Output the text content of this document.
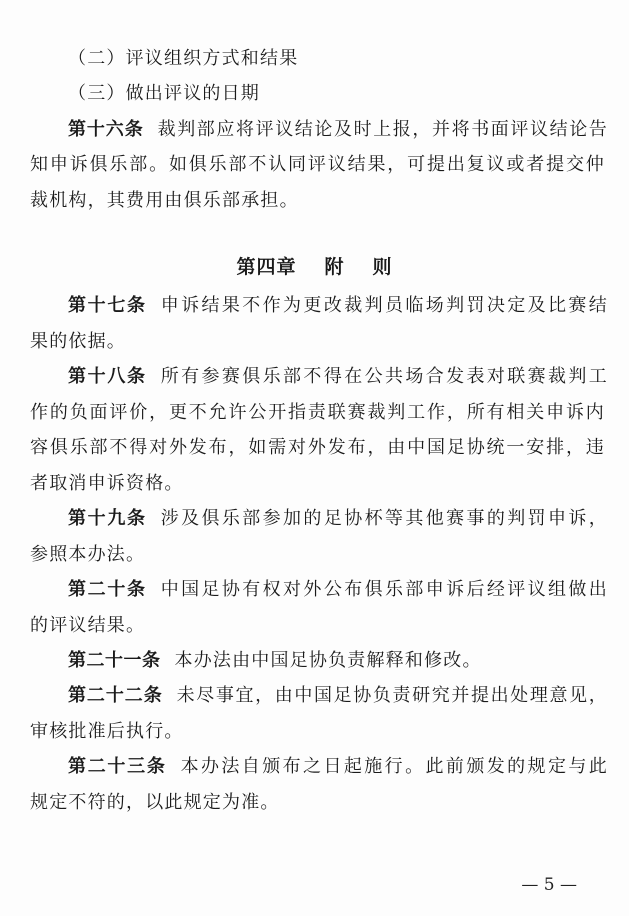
（二）评议组织方式和结果
（三）做出评议的日期
第十六条 裁判部应将评议结论及时上报，并将书面评议结论告
知申诉俱乐部。如俱乐部不认同评议结果，可提出复议或者提交仲
裁机构，其费用由俱乐部承担。
第四章 附 则
第十七条 申诉结果不作为更改裁判员临场判罚决定及比赛结
果的依据。
第十八条 所有参赛俱乐部不得在公共场合发表对联赛裁判工
作的负面评价，更不允许公开指责联赛裁判工作，所有相关申诉内
容俱乐部不得对外发布，如需对外发布，由中国足协统一安排，违
者取消申诉资格。
第十九条 涉及俱乐部参加的足协杯等其他赛事的判罚申诉，
参照本办法。
第二十条 中国足协有权对外公布俱乐部申诉后经评议组做出
的评议结果。
第二十一条 本办法由中国足协负责解释和修改。
第二十二条 未尽事宜，由中国足协负责研究并提出处理意见，
审核批准后执行。
第二十三条 本办法自颁布之日起施行。此前颁发的规定与此
规定不符的，以此规定为准。
— 5 —
